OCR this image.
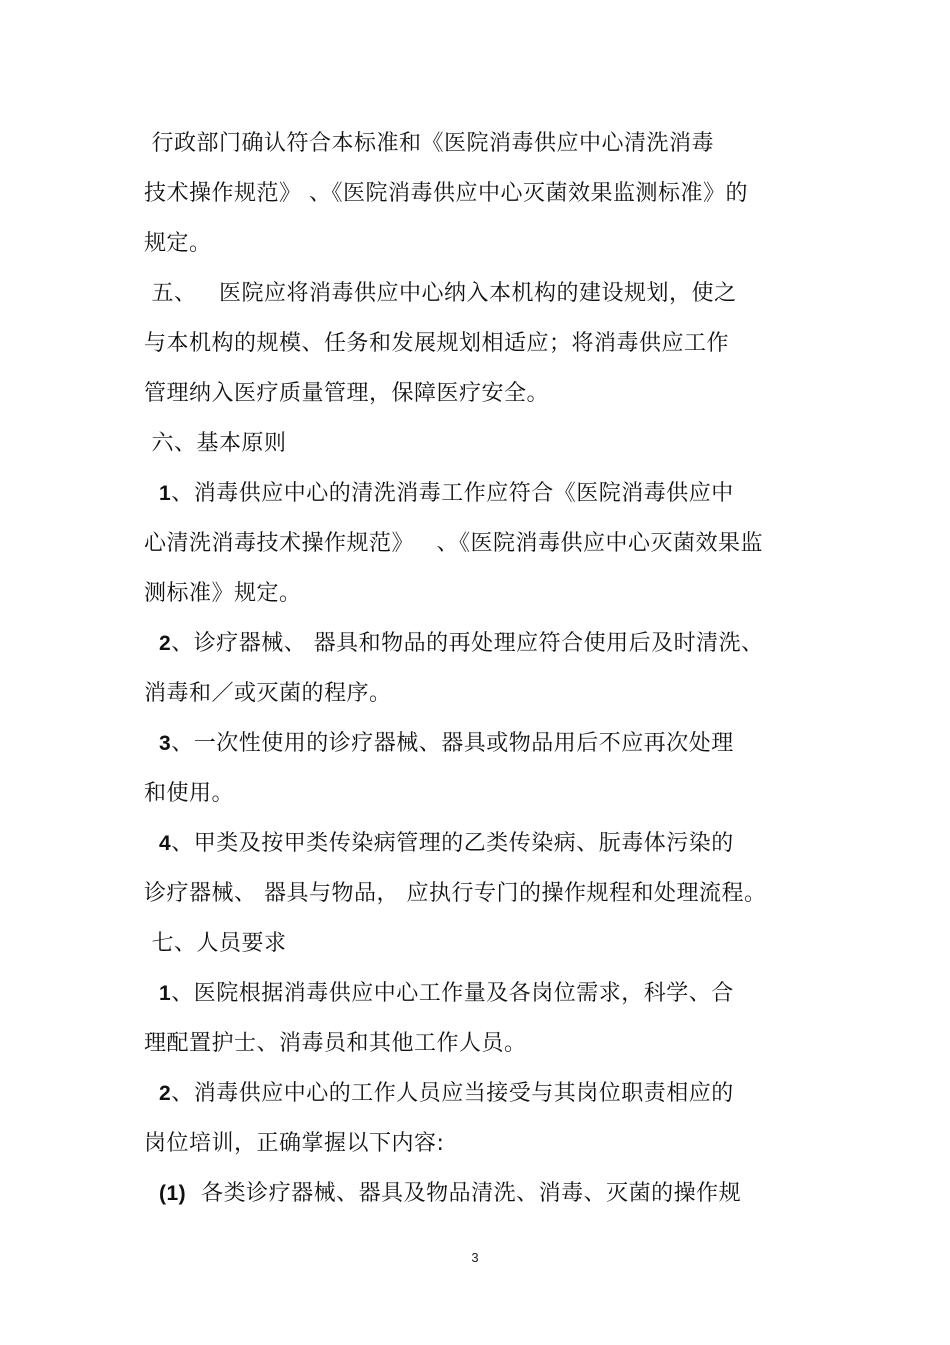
行政部门确认符合本标准和《医院消毒供应中心清洗消毒
技术操作规范》 、《医院消毒供应中心灭菌效果监测标准》的
规定。
五、   医院应将消毒供应中心纳入本机构的建设规划，使之
与本机构的规模、任务和发展规划相适应；将消毒供应工作
管理纳入医疗质量管理，保障医疗安全。
六、基本原则
1、消毒供应中心的清洗消毒工作应符合《医院消毒供应中
心清洗消毒技术操作规范》   、《医院消毒供应中心灭菌效果监
测标准》规定。
2、诊疗器械、 器具和物品的再处理应符合使用后及时清洗、
消毒和／或灭菌的程序。
3、一次性使用的诊疗器械、器具或物品用后不应再次处理
和使用。
4、甲类及按甲类传染病管理的乙类传染病、朊毒体污染的
诊疗器械、 器具与物品， 应执行专门的操作规程和处理流程。
七、人员要求
1、医院根据消毒供应中心工作量及各岗位需求，科学、合
理配置护士、消毒员和其他工作人员。
2、消毒供应中心的工作人员应当接受与其岗位职责相应的
岗位培训，正确掌握以下内容:
(1)  各类诊疗器械、器具及物品清洗、消毒、灭菌的操作规
3
